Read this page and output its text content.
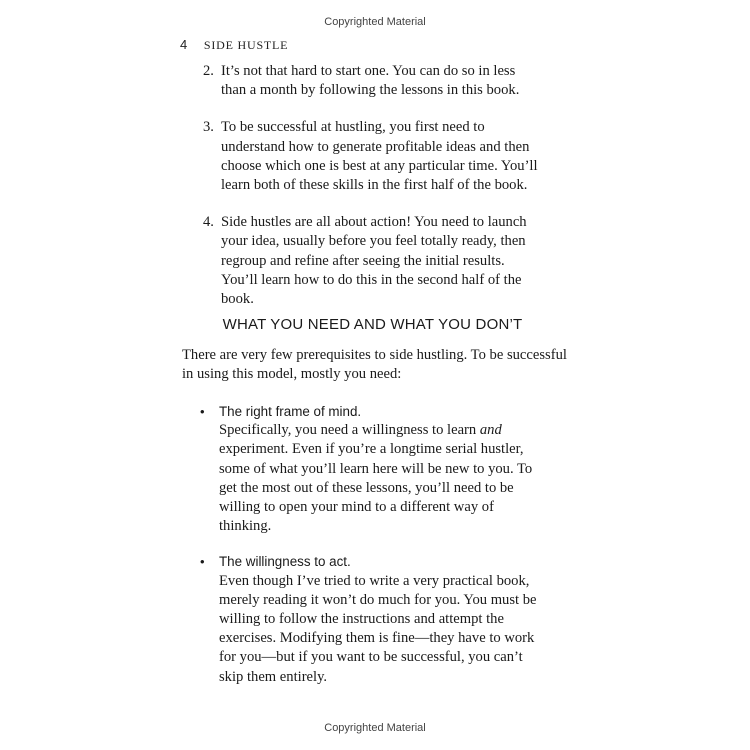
Copyrighted Material
4 SIDE HUSTLE
2. It’s not that hard to start one. You can do so in less than a month by following the lessons in this book.
3. To be successful at hustling, you first need to understand how to generate profitable ideas and then choose which one is best at any particular time. You’ll learn both of these skills in the first half of the book.
4. Side hustles are all about action! You need to launch your idea, usually before you feel totally ready, then regroup and refine after seeing the initial results. You’ll learn how to do this in the second half of the book.
WHAT YOU NEED AND WHAT YOU DON’T
There are very few prerequisites to side hustling. To be successful in using this model, mostly you need:
•	The right frame of mind.
Specifically, you need a willingness to learn and experiment. Even if you’re a longtime serial hustler, some of what you’ll learn here will be new to you. To get the most out of these lessons, you’ll need to be willing to open your mind to a different way of thinking.
•	The willingness to act.
Even though I’ve tried to write a very practical book, merely reading it won’t do much for you. You must be willing to follow the instructions and attempt the exercises. Modifying them is fine—they have to work for you—but if you want to be successful, you can’t skip them entirely.
Copyrighted Material
